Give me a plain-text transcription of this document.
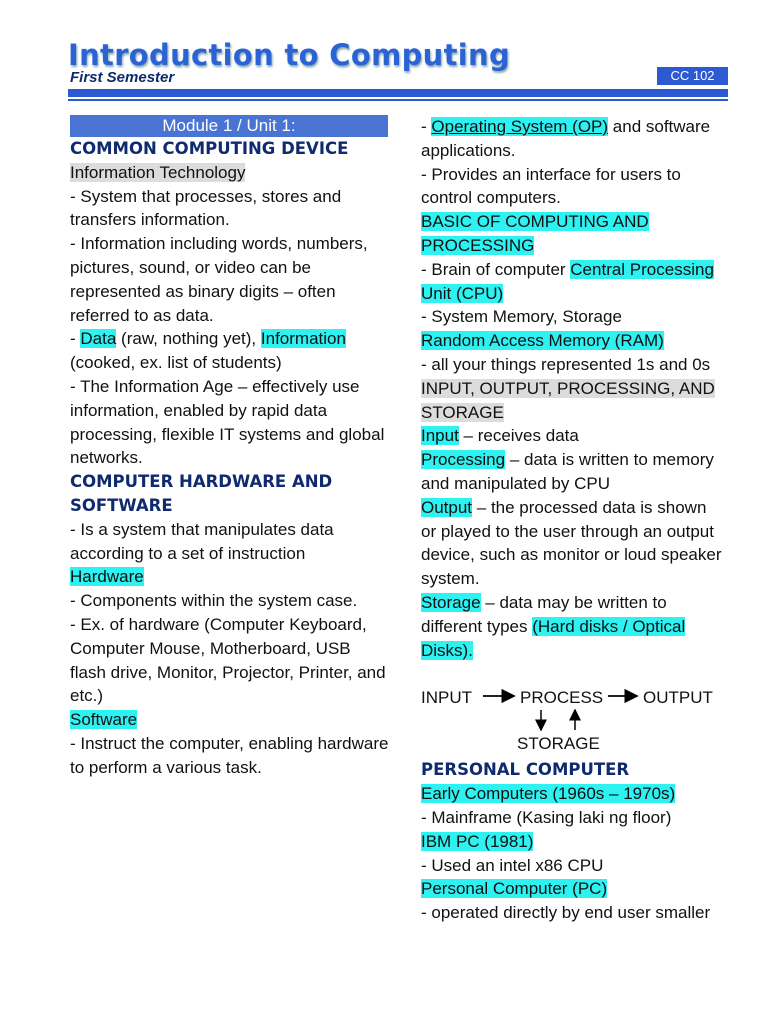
Introduction to Computing
First Semester	CC 102

Module 1 / Unit 1:

COMMON COMPUTING DEVICE

Information Technology

- System that processes, stores and transfers information.

- Information including words, numbers, pictures, sound, or video can be represented as binary digits – often referred to as data.

- Data (raw, nothing yet), Information (cooked, ex. list of students)

- The Information Age – effectively use information, enabled by rapid data processing, flexible IT systems and global networks.

COMPUTER HARDWARE AND SOFTWARE

- Is a system that manipulates data according to a set of instruction

Hardware

- Components within the system case.

- Ex. of hardware (Computer Keyboard, Computer Mouse, Motherboard, USB flash drive, Monitor, Projector, Printer, and etc.)

Software

- Instruct the computer, enabling hardware to perform a various task.

- Operating System (OP) and software applications.

- Provides an interface for users to control computers.

BASIC OF COMPUTING AND PROCESSING

- Brain of computer Central Processing Unit (CPU)

- System Memory, Storage

Random Access Memory (RAM)

- all your things represented 1s and 0s

INPUT, OUTPUT, PROCESSING, AND STORAGE

Input – receives data

Processing – data is written to memory and manipulated by CPU

Output – the processed data is shown or played to the user through an output device, such as monitor or loud speaker system.

Storage – data may be written to different types (Hard disks / Optical Disks).

INPUT	PROCESS OUTPUT
STORAGE

PERSONAL COMPUTER

Early Computers (1960s – 1970s)

- Mainframe (Kasing laki ng floor)

IBM PC (1981)

- Used an intel x86 CPU

Personal Computer (PC)

- operated directly by end user smaller
